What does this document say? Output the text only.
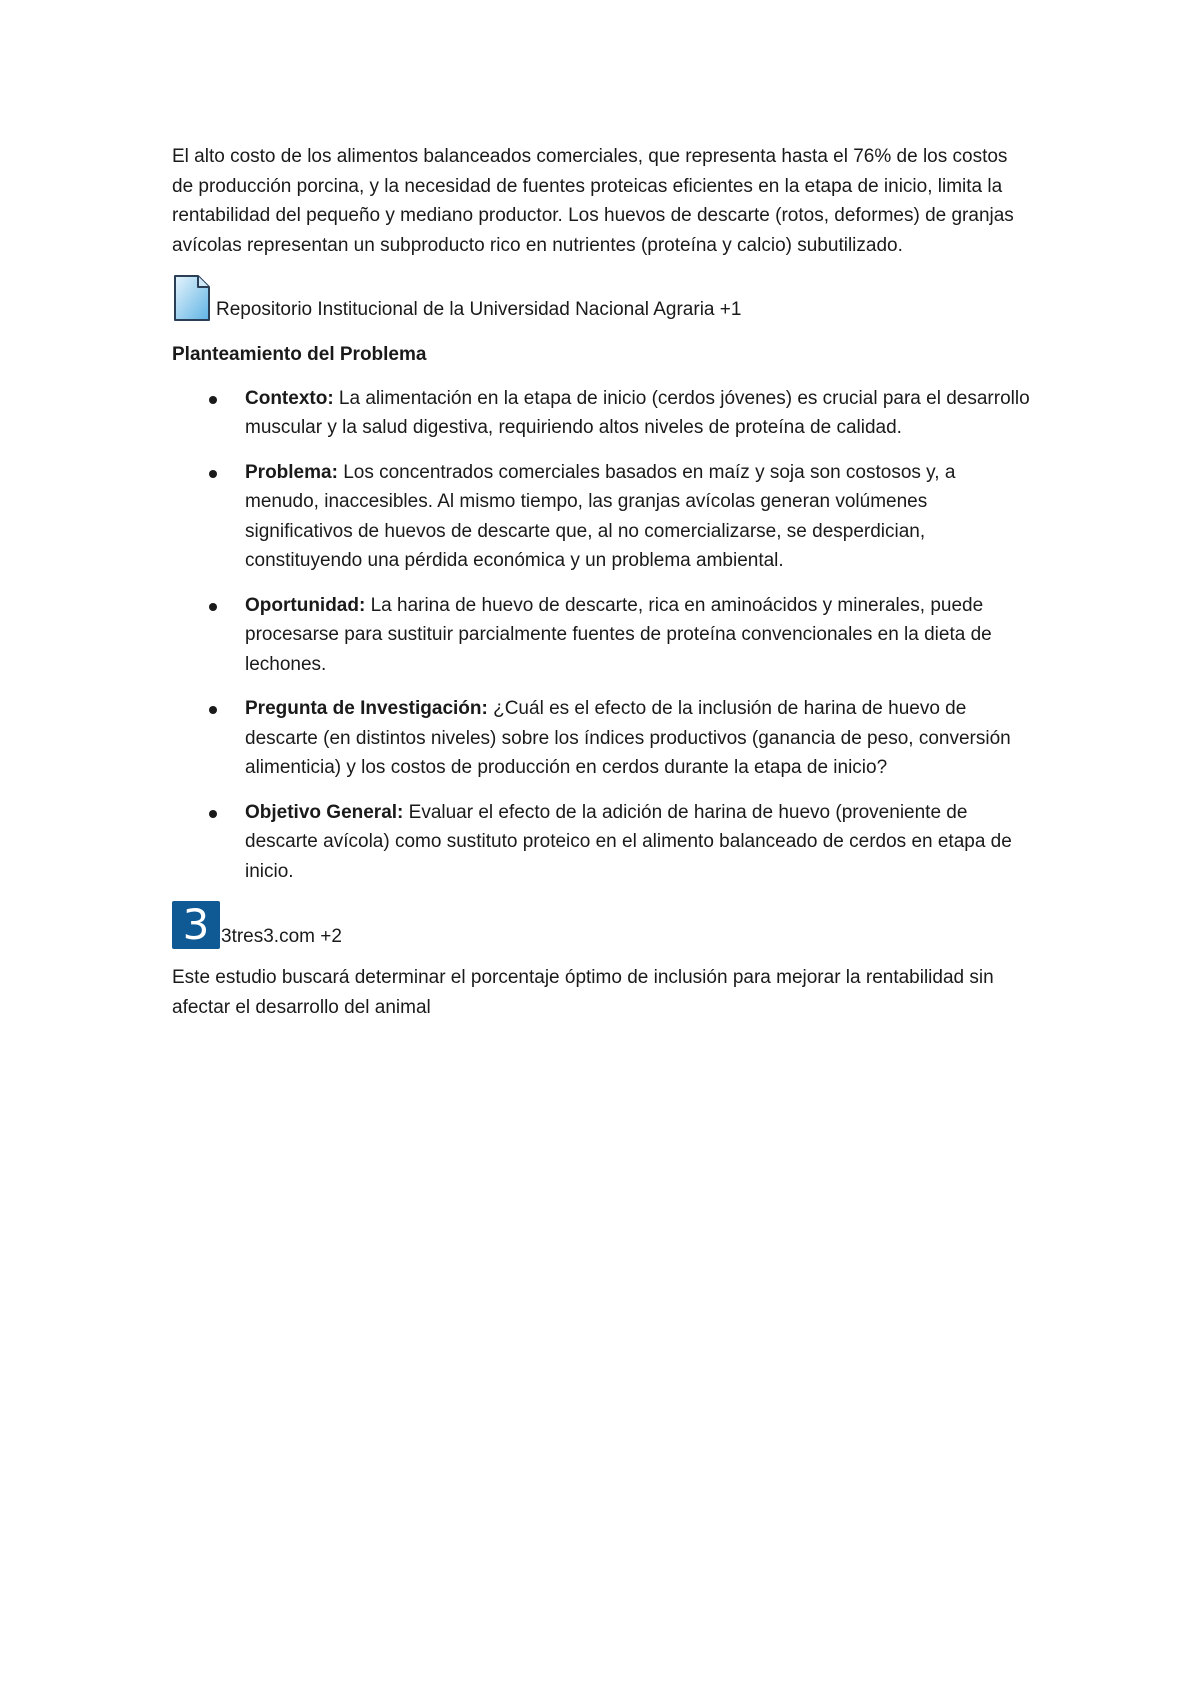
El alto costo de los alimentos balanceados comerciales, que representa hasta el 76% de los costos de producción porcina, y la necesidad de fuentes proteicas eficientes en la etapa de inicio, limita la rentabilidad del pequeño y mediano productor. Los huevos de descarte (rotos, deformes) de granjas avícolas representan un subproducto rico en nutrientes (proteína y calcio) subutilizado.

Repositorio Institucional de la Universidad Nacional Agraria +1

Planteamiento del Problema

Contexto: La alimentación en la etapa de inicio (cerdos jóvenes) es crucial para el desarrollo muscular y la salud digestiva, requiriendo altos niveles de proteína de calidad.
Problema: Los concentrados comerciales basados en maíz y soja son costosos y, a menudo, inaccesibles. Al mismo tiempo, las granjas avícolas generan volúmenes significativos de huevos de descarte que, al no comercializarse, se desperdician, constituyendo una pérdida económica y un problema ambiental.
Oportunidad: La harina de huevo de descarte, rica en aminoácidos y minerales, puede procesarse para sustituir parcialmente fuentes de proteína convencionales en la dieta de lechones.
Pregunta de Investigación: ¿Cuál es el efecto de la inclusión de harina de huevo de descarte (en distintos niveles) sobre los índices productivos (ganancia de peso, conversión alimenticia) y los costos de producción en cerdos durante la etapa de inicio?
Objetivo General: Evaluar el efecto de la adición de harina de huevo (proveniente de descarte avícola) como sustituto proteico en el alimento balanceado de cerdos en etapa de inicio.
3 3tres3.com +2

Este estudio buscará determinar el porcentaje óptimo de inclusión para mejorar la rentabilidad sin afectar el desarrollo del animal
